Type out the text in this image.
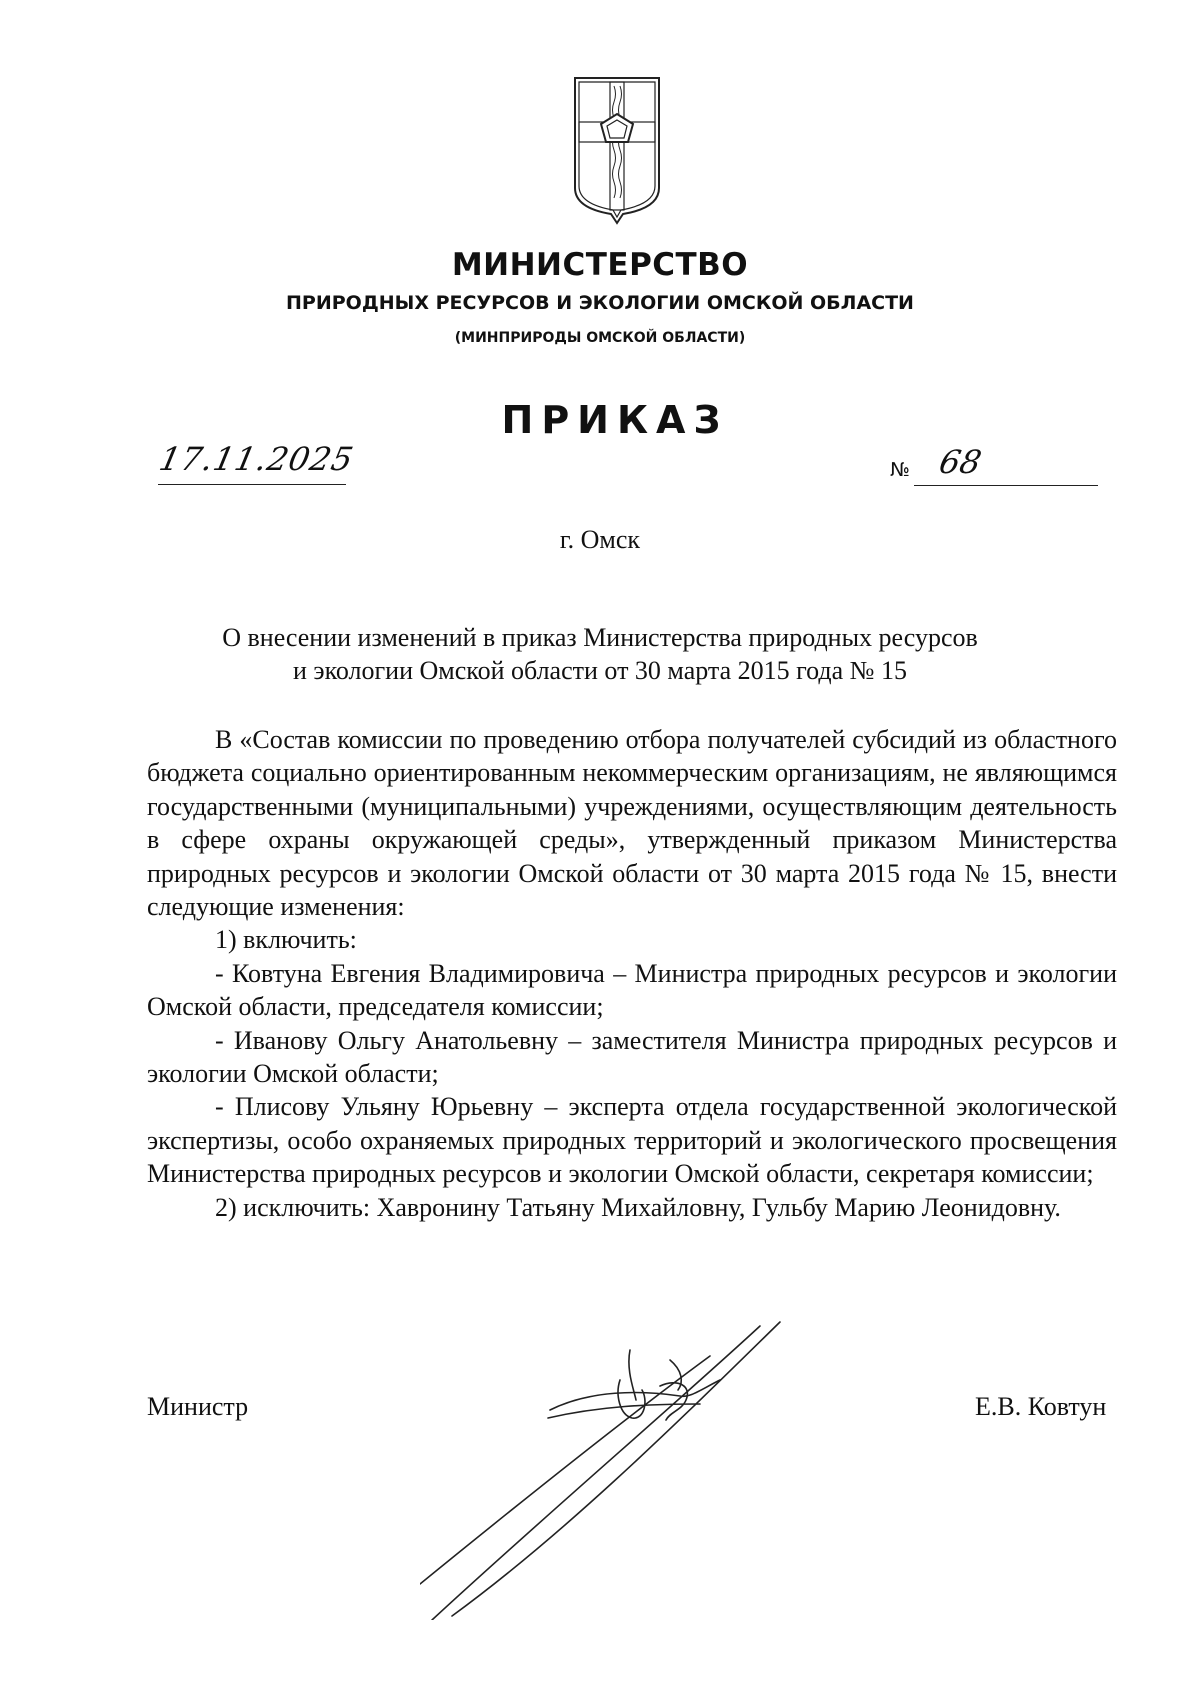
МИНИСТЕРСТВО
ПРИРОДНЫХ РЕСУРСОВ И ЭКОЛОГИИ ОМСКОЙ ОБЛАСТИ
(МИНПРИРОДЫ ОМСКОЙ ОБЛАСТИ)
ПРИКАЗ
17.11.2025	№ 68
г. Омск
О внесении изменений в приказ Министерства природных ресурсов
и экологии Омской области от 30 марта 2015 года № 15

В «Состав комиссии по проведению отбора получателей субсидий из областного бюджета социально ориентированным некоммерческим организациям, не являющимся государственными (муниципальными) учреждениями, осуществляющим деятельность в сфере охраны окружающей среды», утвержденный приказом Министерства природных ресурсов и экологии Омской области от 30 марта 2015 года № 15, внести следующие изменения:

1) включить:

- Ковтуна Евгения Владимировича – Министра природных ресурсов и экологии Омской области, председателя комиссии;

- Иванову Ольгу Анатольевну – заместителя Министра природных ресурсов и экологии Омской области;

- Плисову Ульяну Юрьевну – эксперта отдела государственной экологической экспертизы, особо охраняемых природных территорий и экологического просвещения Министерства природных ресурсов и экологии Омской области, секретаря комиссии;

2) исключить: Хавронину Татьяну Михайловну, Гульбу Марию Леонидовну.

Министр	Е.В. Ковтун
